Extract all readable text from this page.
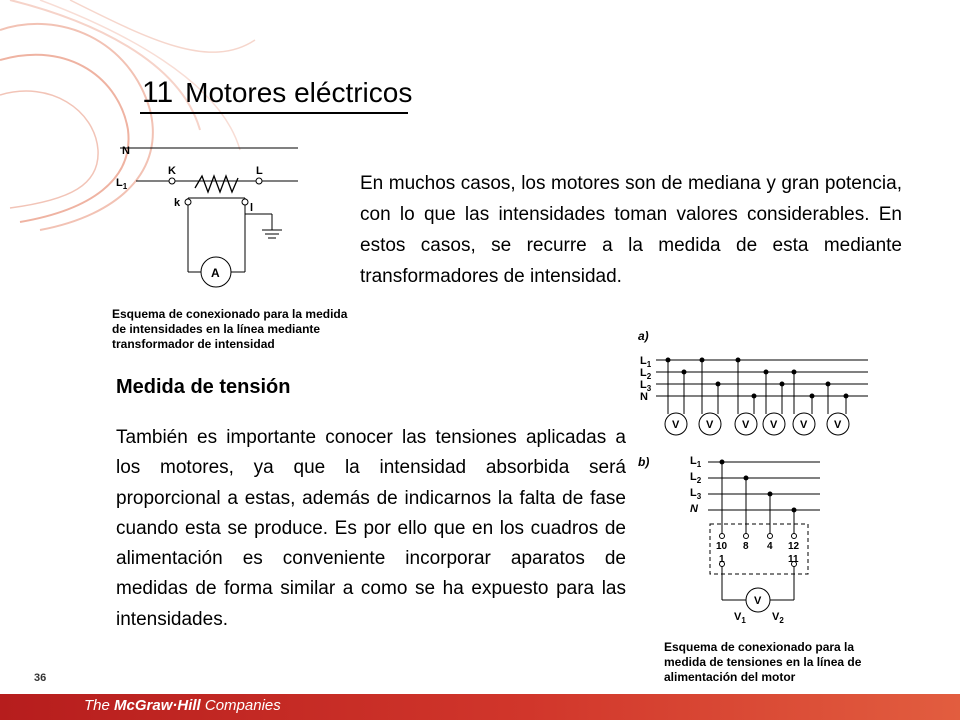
11 Motores eléctricos
N
$L_1$
K	L
k	l
A
Esquema de conexionado para la medida de intensidades en la línea mediante transformador de intensidad
En muchos casos, los motores son de mediana y gran potencia, con lo que las intensidades toman valores considerables. En estos casos, se recurre a la medida de esta mediante transformadores de intensidad.
Medida de tensión
También es importante conocer las tensiones aplicadas a los motores, ya que la intensidad absorbida será proporcional a estas, además de indicarnos la falta de fase cuando esta se produce. Es por ello que en los cuadros de alimentación es conveniente incorporar aparatos de medidas de forma similar a como se ha expuesto para las intensidades.
a)
$L_1$
$L_2$
$L_3$
N
V V	V V V V
b)	$L_1$
$L_2$
$L_3$
N
10 8 4 12
1	11
V
$V_1$ $V_2$
Esquema de conexionado para la medida de tensiones en la línea de alimentación del motor
36
The McGraw·Hill Companies
